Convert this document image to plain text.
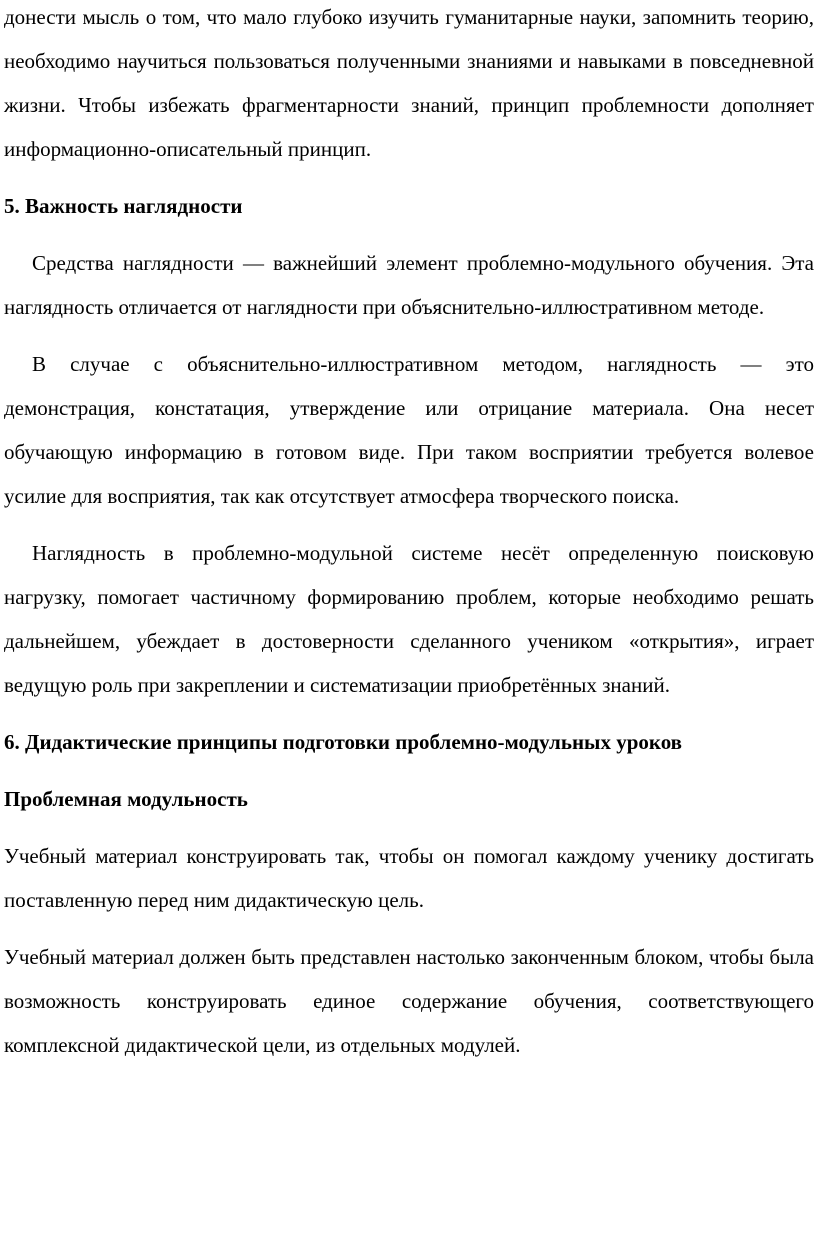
донести мысль о том, что мало глубоко изучить гуманитарные науки, запомнить теорию, необходимо научиться пользоваться полученными знаниями и навыками в повседневной жизни. Чтобы избежать фрагментарности знаний, принцип проблемности дополняет информационно-описательный принцип.

5. Важность наглядности

Средства наглядности — важнейший элемент проблемно-модульного обучения. Эта наглядность отличается от наглядности при объяснительно-иллюстративном методе.

В случае с объяснительно-иллюстративном методом, наглядность — это демонстрация, констатация, утверждение или отрицание материала. Она несет обучающую информацию в готовом виде. При таком восприятии требуется волевое усилие для восприятия, так как отсутствует атмосфера творческого поиска.

Наглядность в проблемно-модульной системе несёт определенную поисковую нагрузку, помогает частичному формированию проблем, которые необходимо решать дальнейшем, убеждает в достоверности сделанного учеником «открытия», играет ведущую роль при закреплении и систематизации приобретённых знаний.

6. Дидактические принципы подготовки проблемно-модульных уроков

Проблемная модульность

Учебный материал конструировать так, чтобы он помогал каждому ученику достигать поставленную перед ним дидактическую цель.

Учебный материал должен быть представлен настолько законченным блоком, чтобы была возможность конструировать единое содержание обучения, соответствующего комплексной дидактической цели, из отдельных модулей.
